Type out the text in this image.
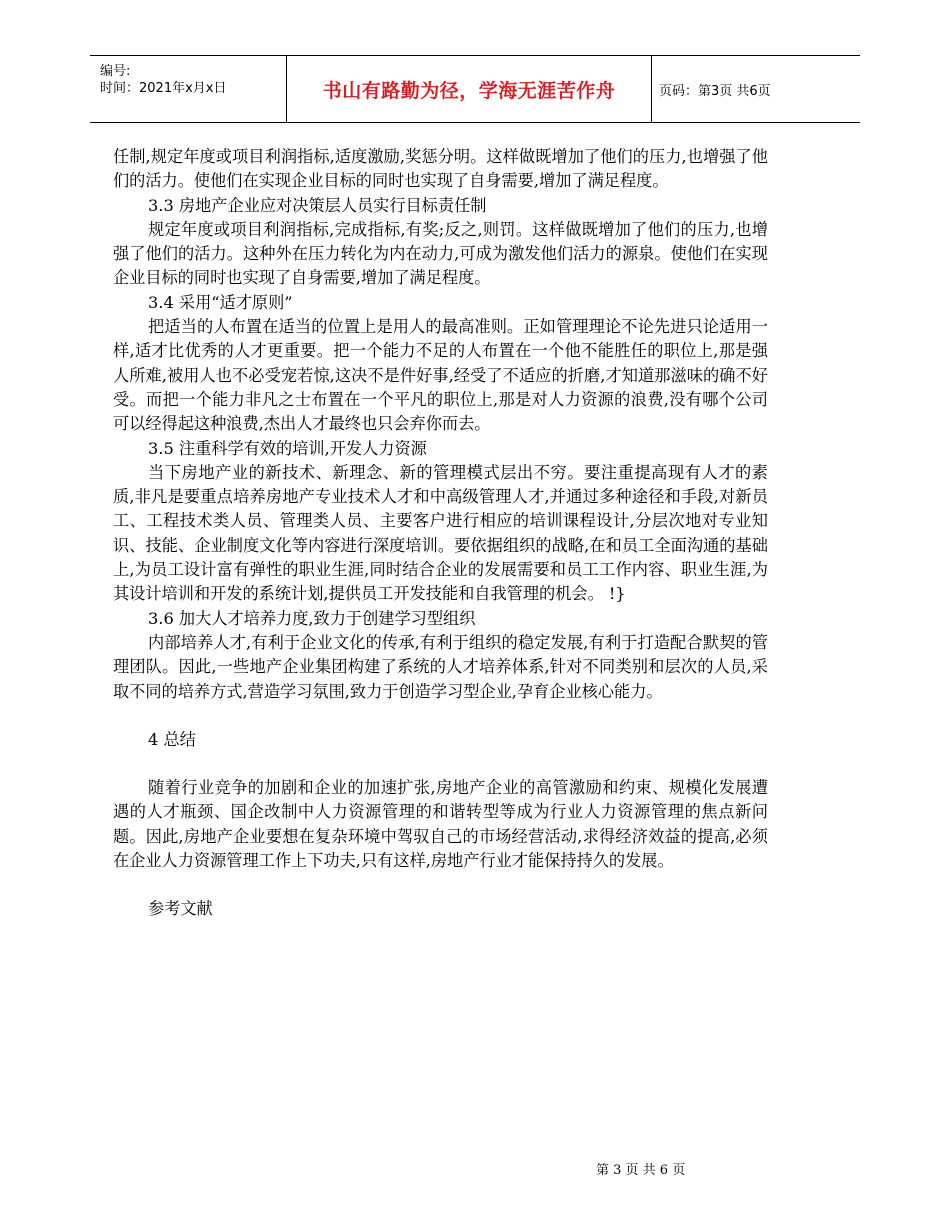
编号:
时间：2021年x月x日	书山有路勤为径，学海无涯苦作舟	页码：第3页 共6页

任制,规定年度或项目利润指标,适度激励,奖惩分明。这样做既增加了他们的压力,也增强了他们的活力。使他们在实现企业目标的同时也实现了自身需要,增加了满足程度。

3.3 房地产企业应对决策层人员实行目标责任制

规定年度或项目利润指标,完成指标,有奖;反之,则罚。这样做既增加了他们的压力,也增强了他们的活力。这种外在压力转化为内在动力,可成为激发他们活力的源泉。使他们在实现企业目标的同时也实现了自身需要,增加了满足程度。

3.4 采用“适才原则”

把适当的人布置在适当的位置上是用人的最高准则。正如管理理论不论先进只论适用一样,适才比优秀的人才更重要。把一个能力不足的人布置在一个他不能胜任的职位上,那是强人所难,被用人也不必受宠若惊,这决不是件好事,经受了不适应的折磨,才知道那滋味的确不好受。而把一个能力非凡之士布置在一个平凡的职位上,那是对人力资源的浪费,没有哪个公司可以经得起这种浪费,杰出人才最终也只会弃你而去。

3.5 注重科学有效的培训,开发人力资源

当下房地产业的新技术、新理念、新的管理模式层出不穷。要注重提高现有人才的素质,非凡是要重点培养房地产专业技术人才和中高级管理人才,并通过多种途径和手段,对新员工、工程技术类人员、管理类人员、主要客户进行相应的培训课程设计,分层次地对专业知识、技能、企业制度文化等内容进行深度培训。要依据组织的战略,在和员工全面沟通的基础上,为员工设计富有弹性的职业生涯,同时结合企业的发展需要和员工工作内容、职业生涯,为其设计培训和开发的系统计划,提供员工开发技能和自我管理的机会。 !}

3.6 加大人才培养力度,致力于创建学习型组织

内部培养人才,有利于企业文化的传承,有利于组织的稳定发展,有利于打造配合默契的管理团队。因此,一些地产企业集团构建了系统的人才培养体系,针对不同类别和层次的人员,采取不同的培养方式,营造学习氛围,致力于创造学习型企业,孕育企业核心能力。

4 总结

随着行业竞争的加剧和企业的加速扩张,房地产企业的高管激励和约束、规模化发展遭遇的人才瓶颈、国企改制中人力资源管理的和谐转型等成为行业人力资源管理的焦点新问题。因此,房地产企业要想在复杂环境中驾驭自己的市场经营活动,求得经济效益的提高,必须在企业人力资源管理工作上下功夫,只有这样,房地产行业才能保持持久的发展。

参考文献

第 3 页 共 6 页
